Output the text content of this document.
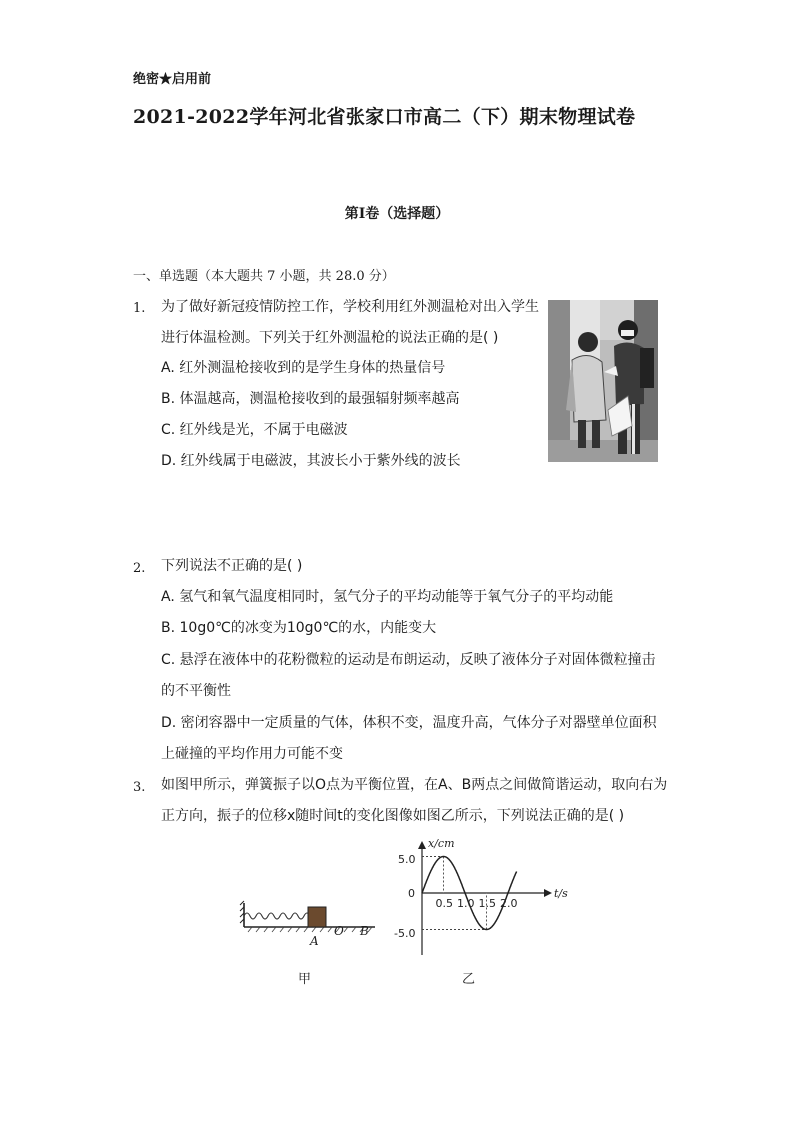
绝密★启用前
2021-2022学年河北省张家口市高二（下）期末物理试卷
第I卷（选择题）
一、单选题（本大题共 7 小题，共 28.0 分）
1. 为了做好新冠疫情防控工作，学校利用红外测温枪对出入学生
进行体温检测。下列关于红外测温枪的说法正确的是( )
A. 红外测温枪接收到的是学生身体的热量信号
B. 体温越高，测温枪接收到的最强辐射频率越高
C. 红外线是光，不属于电磁波
D. 红外线属于电磁波，其波长小于紫外线的波长
2. 下列说法不正确的是( )
A. 氢气和氧气温度相同时，氢气分子的平均动能等于氧气分子的平均动能
B. 10g0℃的冰变为10g0℃的水，内能变大
C. 悬浮在液体中的花粉微粒的运动是布朗运动，反映了液体分子对固体微粒撞击
的不平衡性
D. 密闭容器中一定质量的气体，体积不变，温度升高，气体分子对器壁单位面积
上碰撞的平均作用力可能不变
3. 如图甲所示，弹簧振子以O点为平衡位置，在A、B两点之间做简谐运动，取向右为
正方向，振子的位移x随时间t的变化图像如图乙所示，下列说法正确的是( )
A
O B
甲
x/cm
t/s
5.0
0
-5.0
0.5 1.0 1.5 2.0
乙
